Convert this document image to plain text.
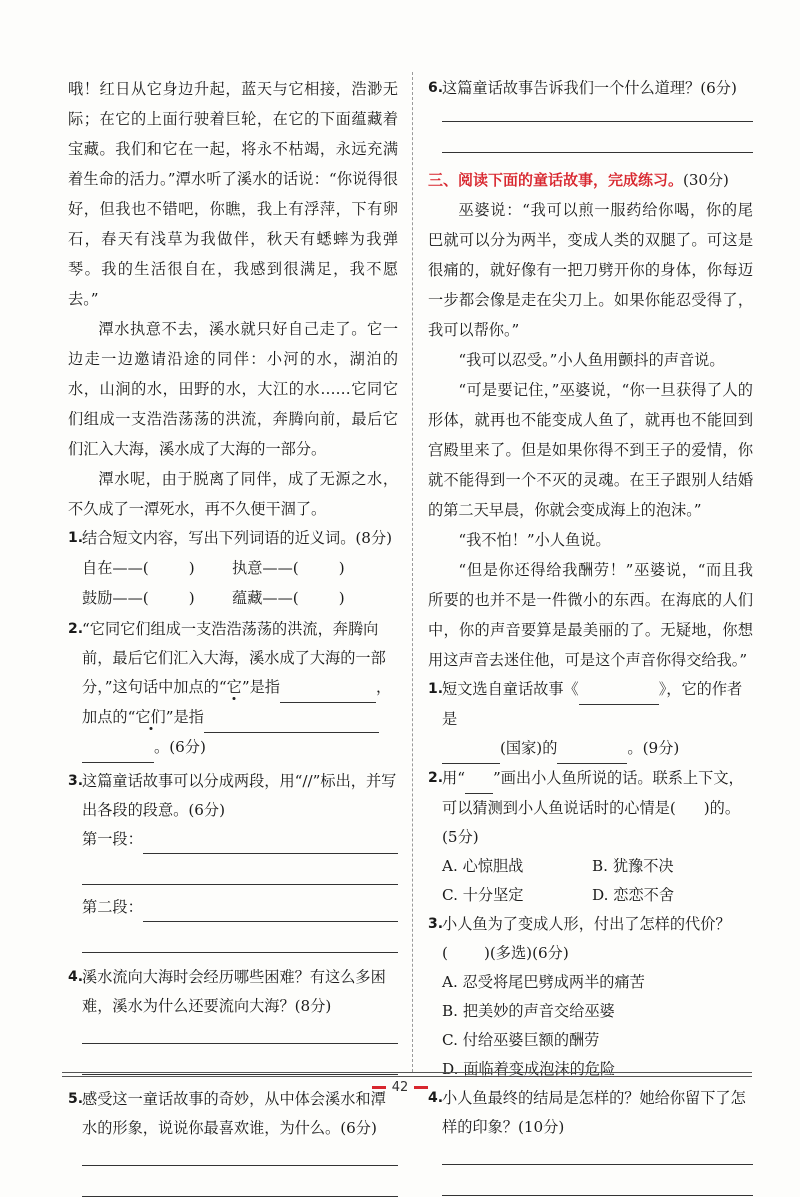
哦！红日从它身边升起，蓝天与它相接，浩渺无际；在它的上面行驶着巨轮，在它的下面蕴藏着宝藏。我们和它在一起，将永不枯竭，永远充满着生命的活力。”潭水听了溪水的话说：“你说得很好，但我也不错吧，你瞧，我上有浮萍，下有卵石，春天有浅草为我做伴，秋天有蟋蟀为我弹琴。我的生活很自在，我感到很满足，我不愿去。”

潭水执意不去，溪水就只好自己走了。它一边走一边邀请沿途的同伴：小河的水，湖泊的水，山涧的水，田野的水，大江的水……它同它们组成一支浩浩荡荡的洪流，奔腾向前，最后它们汇入大海，溪水成了大海的一部分。

潭水呢，由于脱离了同伴，成了无源之水，不久成了一潭死水，再不久便干涸了。

1.
结合短文内容，写出下列词语的近义词。(8分)
自在——(	)	执意——(	)
鼓励——(	)	蕴藏——(	)
2.
“它同它们组成一支浩浩荡荡的洪流，奔腾向前，最后它们汇入大海，溪水成了大海的一部分，”这句话中加点的“它”是指	，加点的“它们”是指
。(6分)
3.
这篇童话故事可以分成两段，用“//”标出，并写出各段的段意。(6分)
第一段：
第二段：
4.
溪水流向大海时会经历哪些困难？有这么多困难，溪水为什么还要流向大海？(8分)
5.
感受这一童话故事的奇妙，从中体会溪水和潭水的形象，说说你最喜欢谁，为什么。(6分)
6.
这篇童话故事告诉我们一个什么道理？(6分)
三、阅读下面的童话故事，完成练习。(30分)

巫婆说：“我可以煎一服药给你喝，你的尾巴就可以分为两半，变成人类的双腿了。可这是很痛的，就好像有一把刀劈开你的身体，你每迈一步都会像是走在尖刀上。如果你能忍受得了，我可以帮你。”

“我可以忍受。”小人鱼用颤抖的声音说。

“可是要记住，”巫婆说，“你一旦获得了人的形体，就再也不能变成人鱼了，就再也不能回到宫殿里来了。但是如果你得不到王子的爱情，你就不能得到一个不灭的灵魂。在王子跟别人结婚的第二天早晨，你就会变成海上的泡沫。”

“我不怕！”小人鱼说。

“但是你还得给我酬劳！”巫婆说，“而且我所要的也并不是一件微小的东西。在海底的人们中，你的声音要算是最美丽的了。无疑地，你想用这声音去迷住他，可是这个声音你得交给我。”

1.
短文选自童话故事《	》，它的作者是
(国家)的	。(9分)
2.
用“ ”画出小人鱼所说的话。联系上下文，可以猜测到小人鱼说话时的心情是( )的。(5分)
A. 心惊胆战	B. 犹豫不决
C. 十分坚定	D. 恋恋不舍
3.
小人鱼为了变成人形，付出了怎样的代价？
( )(多选)(6分)
A. 忍受将尾巴劈成两半的痛苦
B. 把美妙的声音交给巫婆
C. 付给巫婆巨额的酬劳
D. 面临着变成泡沫的危险
4.
小人鱼最终的结局是怎样的？她给你留下了怎样的印象？(10分)
42
